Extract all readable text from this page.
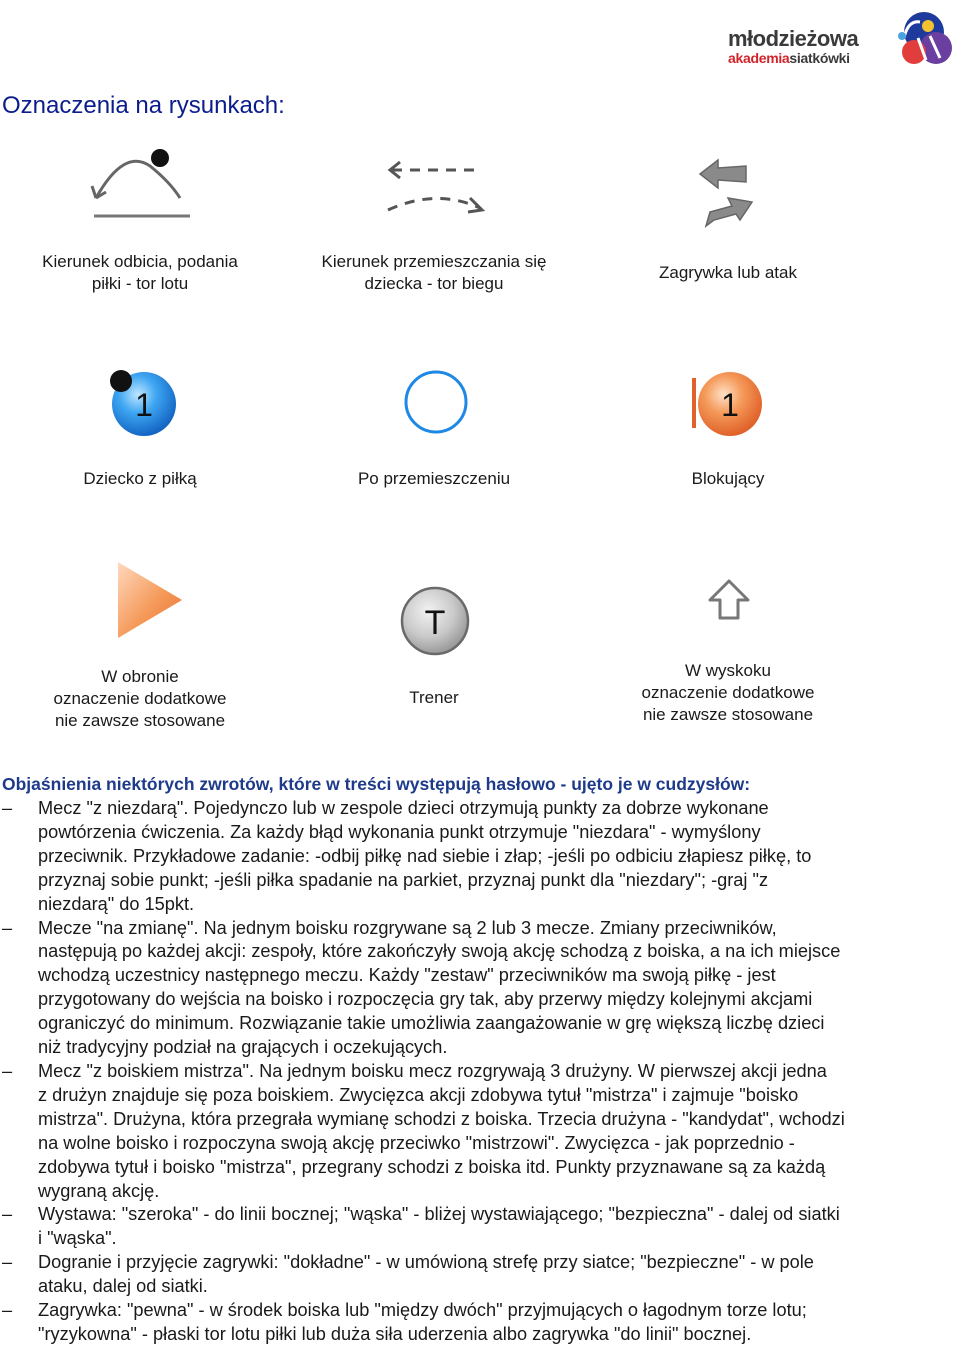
młodzieżowa
akademiasiatkówki
Oznaczenia na rysunkach:
Kierunek odbicia, podania
piłki - tor lotu
Kierunek przemieszczania się
dziecka - tor biegu
Zagrywka lub atak
1
Dziecko z piłką	Po przemieszczeniu
1
Blokujący
W obronie
oznaczenie dodatkowe
nie zawsze stosowane
T
Trener
W wyskoku
oznaczenie dodatkowe
nie zawsze stosowane
Objaśnienia niektórych zwrotów, które w treści występują hasłowo - ujęto je w cudzysłów:
– Mecz "z niezdarą". Pojedynczo lub w zespole dzieci otrzymują punkty za dobrze wykonane
powtórzenia ćwiczenia. Za każdy błąd wykonania punkt otrzymuje "niezdara" - wymyślony
przeciwnik. Przykładowe zadanie: -odbij piłkę nad siebie i złap; -jeśli po odbiciu złapiesz piłkę, to
przyznaj sobie punkt; -jeśli piłka spadanie na parkiet, przyznaj punkt dla "niezdary"; -graj "z
niezdarą" do 15pkt.
– Mecze "na zmianę". Na jednym boisku rozgrywane są 2 lub 3 mecze. Zmiany przeciwników,
następują po każdej akcji: zespoły, które zakończyły swoją akcję schodzą z boiska, a na ich miejsce
wchodzą uczestnicy następnego meczu. Każdy "zestaw" przeciwników ma swoją piłkę - jest
przygotowany do wejścia na boisko i rozpoczęcia gry tak, aby przerwy między kolejnymi akcjami
ograniczyć do minimum. Rozwiązanie takie umożliwia zaangażowanie w grę większą liczbę dzieci
niż tradycyjny podział na grających i oczekujących.
– Mecz "z boiskiem mistrza". Na jednym boisku mecz rozgrywają 3 drużyny. W pierwszej akcji jedna
z drużyn znajduje się poza boiskiem. Zwycięzca akcji zdobywa tytuł "mistrza" i zajmuje "boisko
mistrza". Drużyna, która przegrała wymianę schodzi z boiska. Trzecia drużyna - "kandydat", wchodzi
na wolne boisko i rozpoczyna swoją akcję przeciwko "mistrzowi". Zwycięzca - jak poprzednio -
zdobywa tytuł i boisko "mistrza", przegrany schodzi z boiska itd. Punkty przyznawane są za każdą
wygraną akcję.
– Wystawa: "szeroka" - do linii bocznej; "wąska" - bliżej wystawiającego; "bezpieczna" - dalej od siatki
i "wąska".
– Dogranie i przyjęcie zagrywki: "dokładne" - w umówioną strefę przy siatce; "bezpieczne" - w pole
ataku, dalej od siatki.
– Zagrywka: "pewna" - w środek boiska lub "między dwóch" przyjmujących o łagodnym torze lotu;
"ryzykowna" - płaski tor lotu piłki lub duża siła uderzenia albo zagrywka "do linii" bocznej.
